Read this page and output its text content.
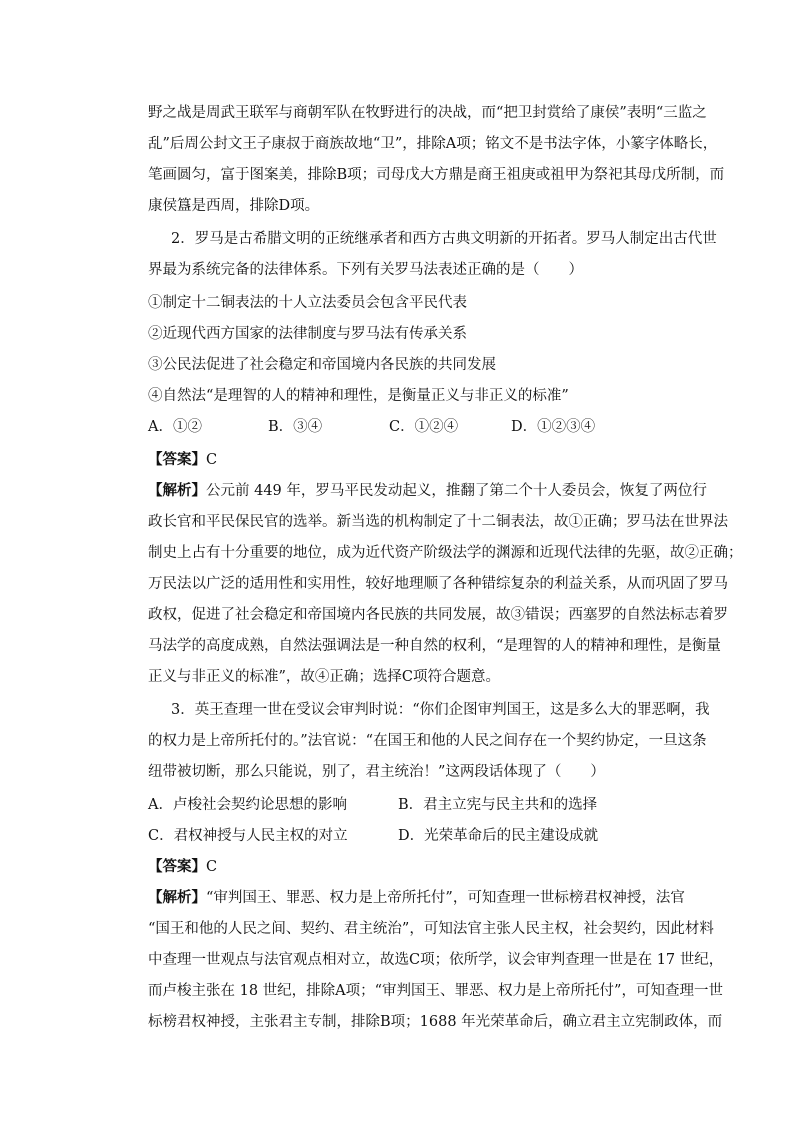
野之战是周武王联军与商朝军队在牧野进行的决战，而“把卫封赏给了康侯”表明“三监之
乱”后周公封文王子康叔于商族故地“卫”，排除A项；铭文不是书法字体，小篆字体略长，
笔画圆匀，富于图案美，排除B项；司母戊大方鼎是商王祖庚或祖甲为祭祀其母戊所制，而
康侯簋是西周，排除D项。
2．罗马是古希腊文明的正统继承者和西方古典文明新的开拓者。罗马人制定出古代世
界最为系统完备的法律体系。下列有关罗马法表述正确的是（　　）
①制定十二铜表法的十人立法委员会包含平民代表
②近现代西方国家的法律制度与罗马法有传承关系
③公民法促进了社会稳定和帝国境内各民族的共同发展
④自然法“是理智的人的精神和理性，是衡量正义与非正义的标准”
A．①②	B．③④	C．①②④	D．①②③④
【答案】C
【解析】公元前 449 年，罗马平民发动起义，推翻了第二个十人委员会，恢复了两位行
政长官和平民保民官的选举。新当选的机构制定了十二铜表法，故①正确；罗马法在世界法
制史上占有十分重要的地位，成为近代资产阶级法学的渊源和近现代法律的先驱，故②正确；
万民法以广泛的适用性和实用性，较好地理顺了各种错综复杂的利益关系，从而巩固了罗马
政权，促进了社会稳定和帝国境内各民族的共同发展，故③错误；西塞罗的自然法标志着罗
马法学的高度成熟，自然法强调法是一种自然的权利，“是理智的人的精神和理性，是衡量
正义与非正义的标准”，故④正确；选择C项符合题意。
3．英王查理一世在受议会审判时说：“你们企图审判国王，这是多么大的罪恶啊，我
的权力是上帝所托付的。”法官说：“在国王和他的人民之间存在一个契约协定，一旦这条
纽带被切断，那么只能说，别了，君主统治！”这两段话体现了（　　）
A．卢梭社会契约论思想的影响	B．君主立宪与民主共和的选择
C．君权神授与人民主权的对立	D．光荣革命后的民主建设成就
【答案】C
【解析】“审判国王、罪恶、权力是上帝所托付”，可知查理一世标榜君权神授，法官
“国王和他的人民之间、契约、君主统治”，可知法官主张人民主权，社会契约，因此材料
中查理一世观点与法官观点相对立，故选C项；依所学，议会审判查理一世是在 17 世纪，
而卢梭主张在 18 世纪，排除A项；“审判国王、罪恶、权力是上帝所托付”，可知查理一世
标榜君权神授，主张君主专制，排除B项；1688 年光荣革命后，确立君主立宪制政体，而
